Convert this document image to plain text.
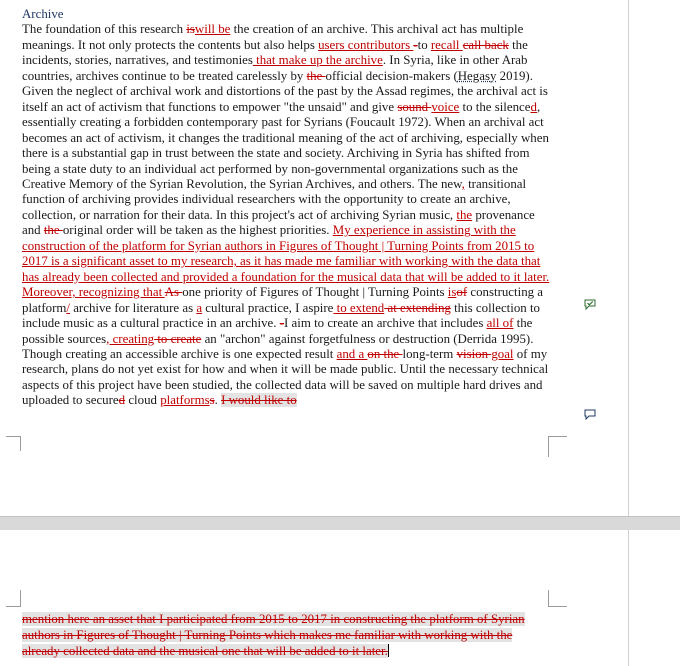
Archive
The foundation of this research iswill be the creation of an archive. This archival act has multiple meanings. It not only protects the contents but also helps users contributors -to recall call back the incidents, stories, narratives, and testimonies that make up the archive. In Syria, like in other Arab countries, archives continue to be treated carelessly by the official decision-makers (Hegasy 2019). Given the neglect of archival work and distortions of the past by the Assad regimes, the archival act is itself an act of activism that functions to empower "the unsaid" and give sound voice to the silenced, essentially creating a forbidden contemporary past for Syrians (Foucault 1972). When an archival act becomes an act of activism, it changes the traditional meaning of the act of archiving, especially when there is a substantial gap in trust between the state and society. Archiving in Syria has shifted from being a state duty to an individual act performed by non-governmental organizations such as the Creative Memory of the Syrian Revolution, the Syrian Archives, and others. The new, transitional function of archiving provides individual researchers with the opportunity to create an archive, collection, or narration for their data. In this project's act of archiving Syrian music, the provenance and the original order will be taken as the highest priorities. My experience in assisting with the construction of the platform for Syrian authors in Figures of Thought | Turning Points from 2015 to 2017 is a significant asset to my research, as it has made me familiar with working with the data that has already been collected and provided a foundation for the musical data that will be added to it later. Moreover, recognizing that As one priority of Figures of Thought | Turning Points isof constructing a platform/ archive for literature as a cultural practice, I aspire to extend at extending this collection to include music as a cultural practice in an archive. -I aim to create an archive that includes all of the possible sources, creating to create an "archon" against forgetfulness or destruction (Derrida 1995). Though creating an accessible archive is one expected result and a on the long-term vision goal of my research, plans do not yet exist for how and when it will be made public. Until the necessary technical aspects of this project have been studied, the collected data will be saved on multiple hard drives and uploaded to secured cloud platformss. I would like to
mention here an asset that I participated from 2015 to 2017 in constructing the platform of Syrian authors in Figures of Thought | Turning Points which makes me familiar with working with the already collected data and the musical one that will be added to it later.
